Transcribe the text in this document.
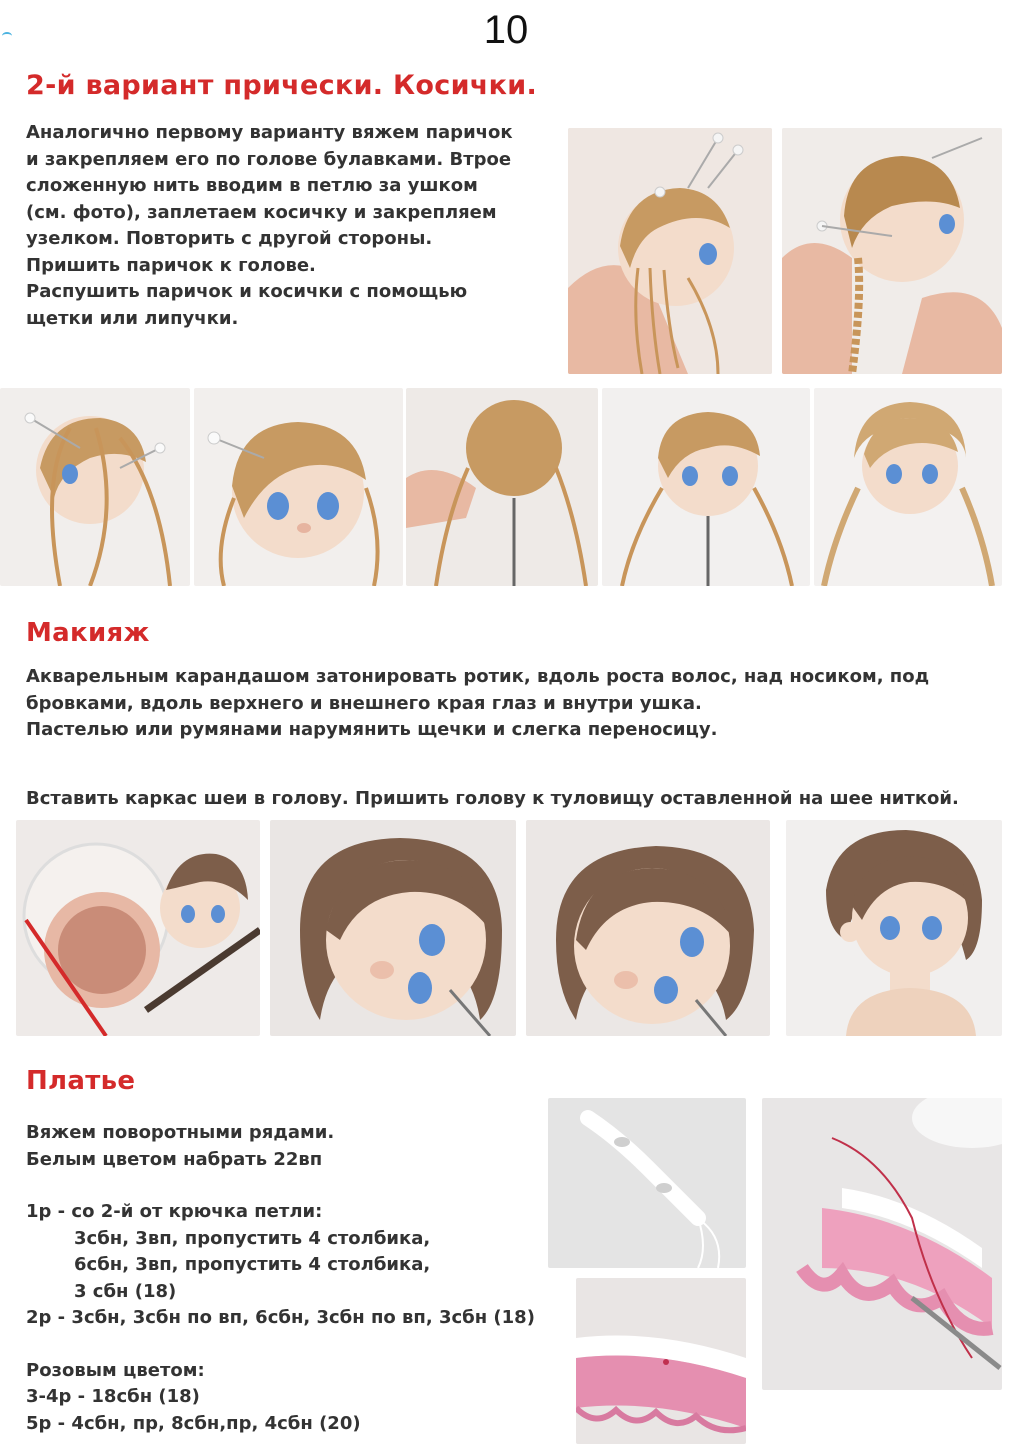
10
2-й вариант прически. Косички.
Аналогично первому варианту вяжем паричок
и закрепляем его по голове булавками. Втрое
сложенную нить вводим в петлю за ушком
(см. фото), заплетаем косичку и закрепляем
узелком. Повторить с другой стороны.
Пришить паричок к голове.
Распушить паричок и косички с помощью
щетки или липучки.
Макияж
Акварельным карандашом затонировать ротик, вдоль роста волос, над носиком, под
бровками, вдоль верхнего и внешнего края глаз и внутри ушка.
Пастелью или румянами нарумянить щечки и слегка переносицу.
Вставить каркас шеи в голову. Пришить голову к туловищу оставленной на шее ниткой.
Платье
Вяжем поворотными рядами.
Белым цветом набрать 22вп
1р - со 2-й от крючка петли:
3сбн, 3вп, пропустить 4 столбика,
6сбн, 3вп, пропустить 4 столбика,
3 сбн (18)
2р - 3сбн, 3сбн по вп, 6сбн, 3сбн по вп, 3сбн (18)
Розовым цветом:
3-4р - 18сбн (18)
5р - 4сбн, пр, 8сбн,пр, 4сбн (20)
